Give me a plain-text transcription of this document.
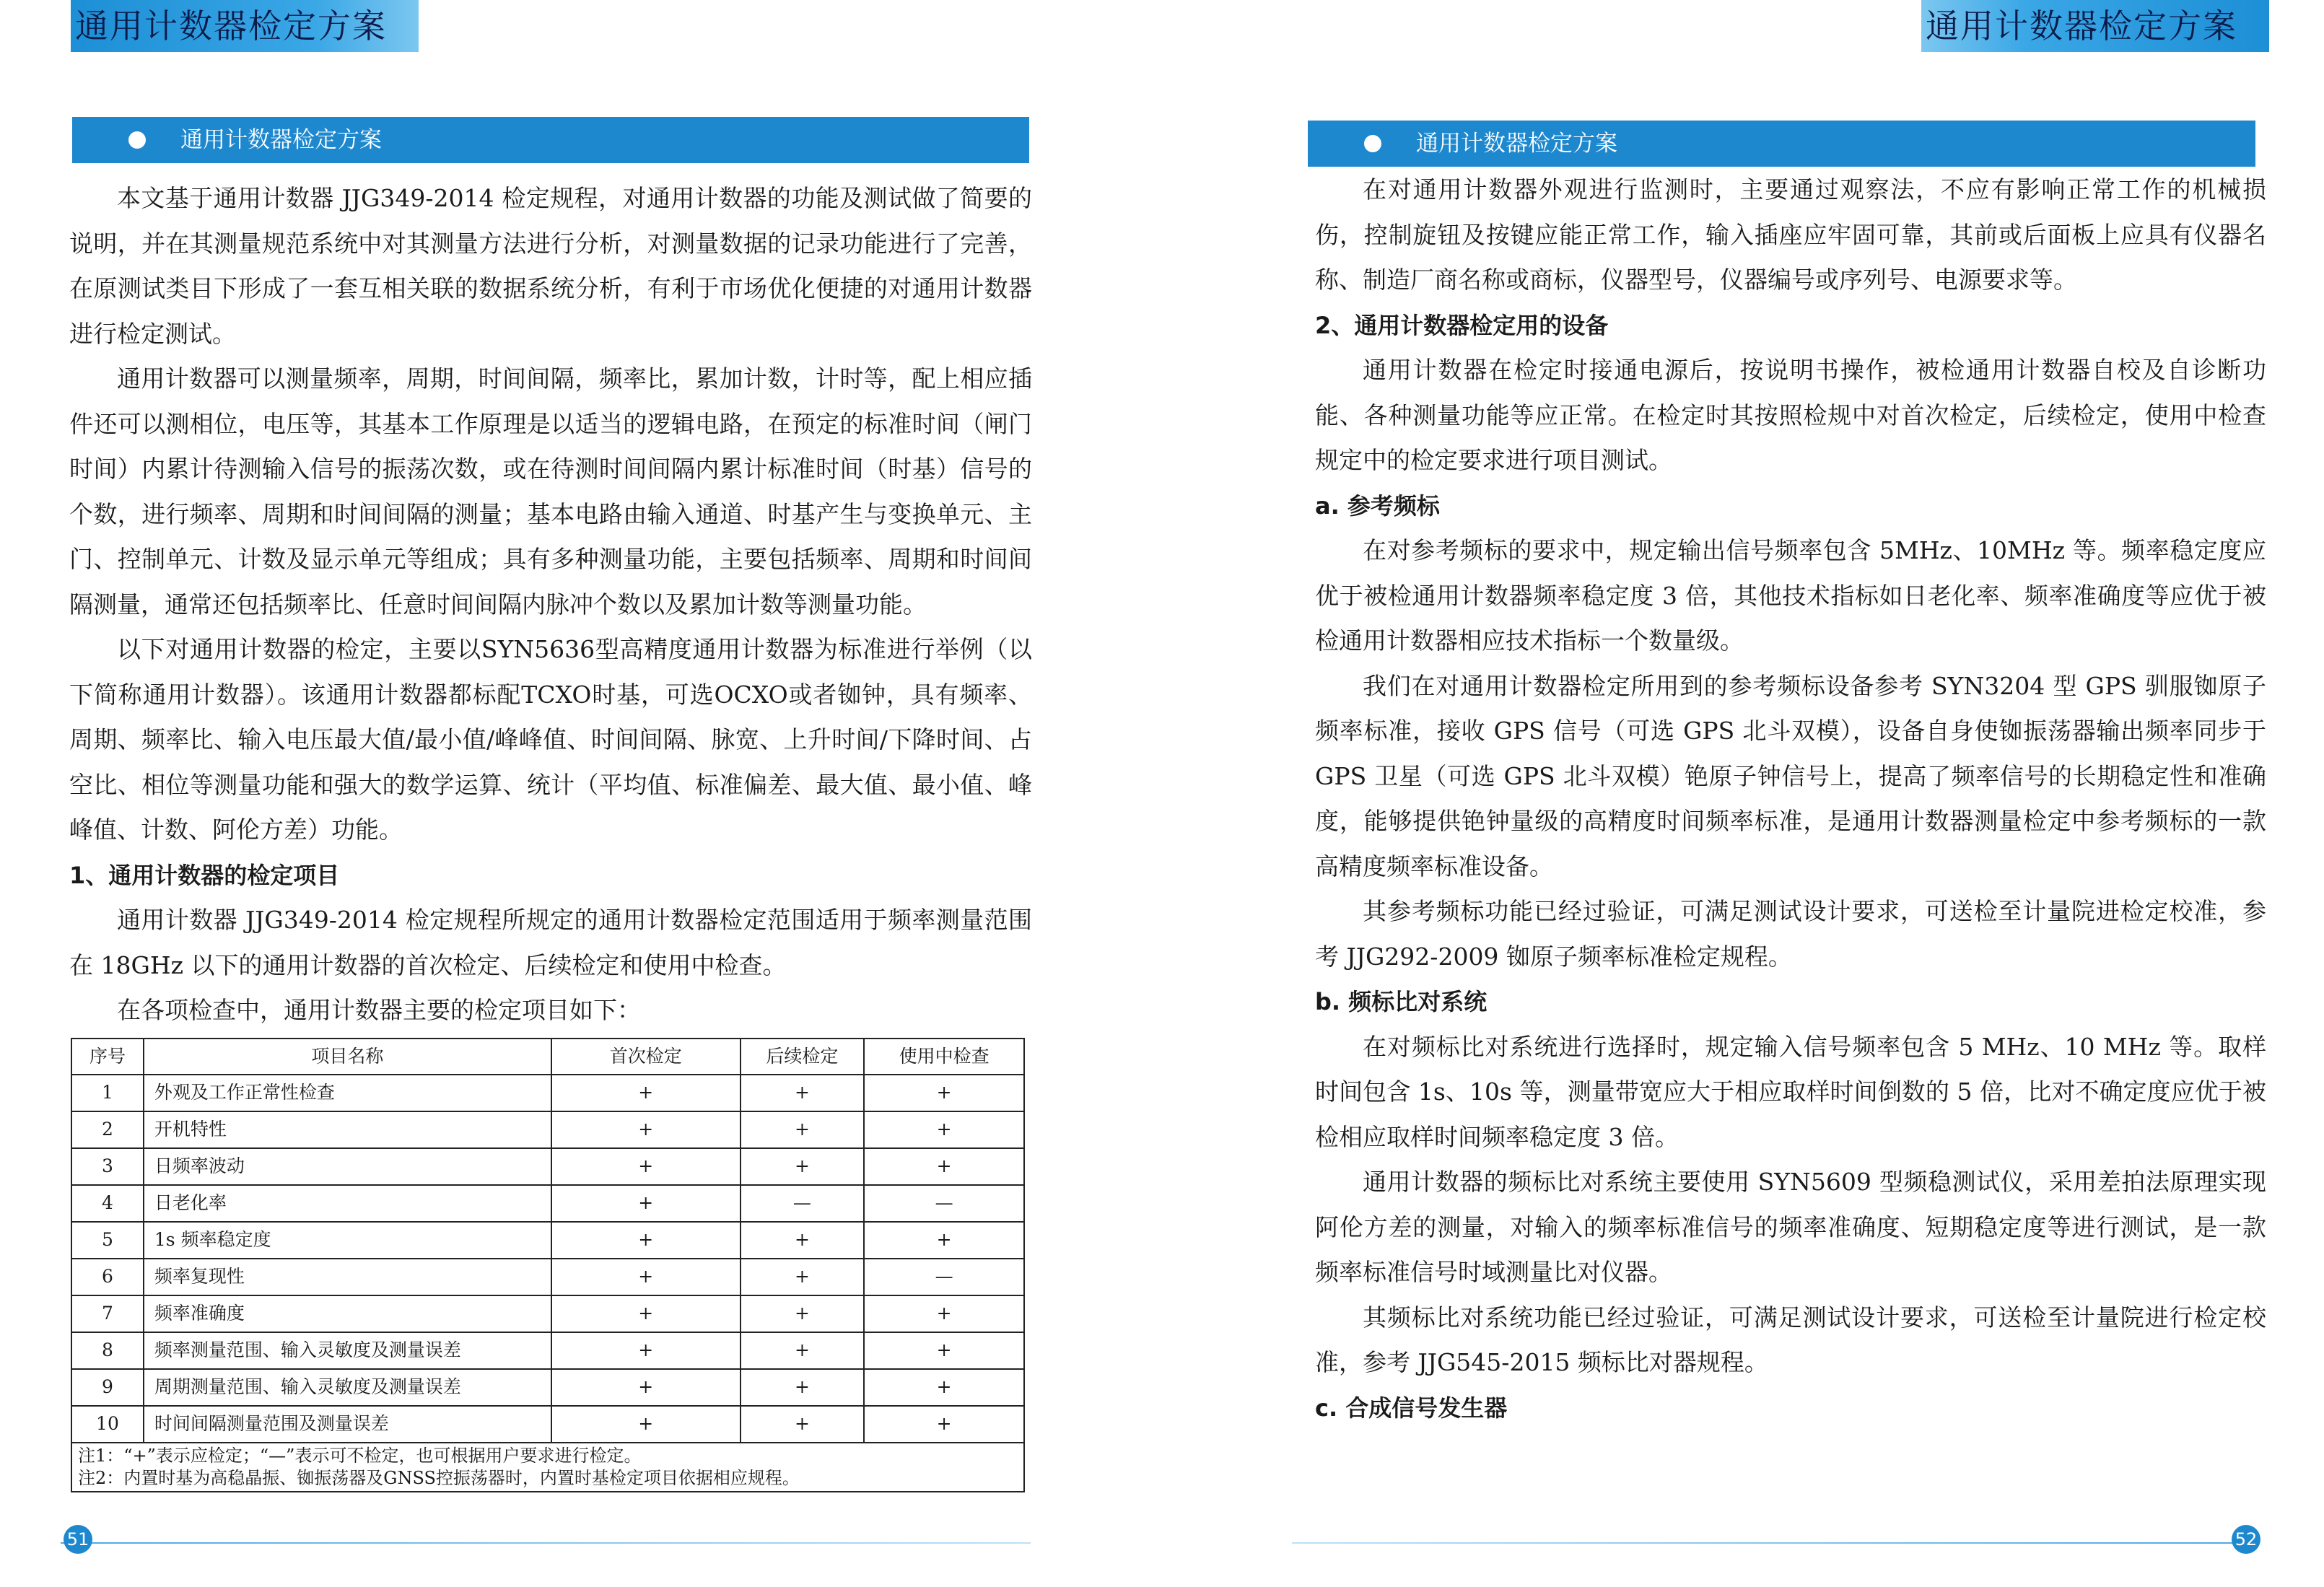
通用计数器检定方案
通用计数器检定方案

本文基于通用计数器 JJG349-2014 检定规程，对通用计数器的功能及测试做了简要的说明，并在其测量规范系统中对其测量方法进行分析，对测量数据的记录功能进行了完善，在原测试类目下形成了一套互相关联的数据系统分析，有利于市场优化便捷的对通用计数器进行检定测试。

通用计数器可以测量频率，周期，时间间隔，频率比，累加计数，计时等，配上相应插件还可以测相位，电压等，其基本工作原理是以适当的逻辑电路，在预定的标准时间（闸门时间）内累计待测输入信号的振荡次数，或在待测时间间隔内累计标准时间（时基）信号的个数，进行频率、周期和时间间隔的测量；基本电路由输入通道、时基产生与变换单元、主门、控制单元、计数及显示单元等组成；具有多种测量功能，主要包括频率、周期和时间间隔测量，通常还包括频率比、任意时间间隔内脉冲个数以及累加计数等测量功能。

以下对通用计数器的检定，主要以SYN5636型高精度通用计数器为标准进行举例（以下简称通用计数器）。该通用计数器都标配TCXO时基，可选OCXO或者铷钟，具有频率、周期、频率比、输入电压最大值/最小值/峰峰值、时间间隔、脉宽、上升时间/下降时间、占空比、相位等测量功能和强大的数学运算、统计（平均值、标准偏差、最大值、最小值、峰峰值、计数、阿伦方差）功能。

1、通用计数器的检定项目

通用计数器 JJG349-2014 检定规程所规定的通用计数器检定范围适用于频率测量范围在 18GHz 以下的通用计数器的首次检定、后续检定和使用中检查。

在各项检查中，通用计数器主要的检定项目如下：

序号	项目名称	首次检定	后续检定	使用中检查
1	外观及工作正常性检查	+	+	+
2	开机特性	+	+	+
3	日频率波动	+	+	+
4	日老化率	+	—	—
5	1s 频率稳定度	+	+	+
6	频率复现性	+	+	—
7	频率准确度	+	+	+
8	频率测量范围、输入灵敏度及测量误差	+	+	+
9	周期测量范围、输入灵敏度及测量误差	+	+	+
10	时间间隔测量范围及测量误差	+	+	+

注1：“+”表示应检定；“—”表示可不检定，也可根据用户要求进行检定。
注2：内置时基为高稳晶振、铷振荡器及GNSS控振荡器时，内置时基检定项目依据相应规程。				
51
通用计数器检定方案
通用计数器检定方案

在对通用计数器外观进行监测时，主要通过观察法，不应有影响正常工作的机械损伤，控制旋钮及按键应能正常工作，输入插座应牢固可靠，其前或后面板上应具有仪器名称、制造厂商名称或商标，仪器型号，仪器编号或序列号、电源要求等。

2、通用计数器检定用的设备

通用计数器在检定时接通电源后，按说明书操作，被检通用计数器自校及自诊断功能、各种测量功能等应正常。在检定时其按照检规中对首次检定，后续检定，使用中检查规定中的检定要求进行项目测试。

a. 参考频标

在对参考频标的要求中，规定输出信号频率包含 5MHz、10MHz 等。频率稳定度应优于被检通用计数器频率稳定度 3 倍，其他技术指标如日老化率、频率准确度等应优于被检通用计数器相应技术指标一个数量级。

我们在对通用计数器检定所用到的参考频标设备参考 SYN3204 型 GPS 驯服铷原子频率标准，接收 GPS 信号（可选 GPS 北斗双模），设备自身使铷振荡器输出频率同步于 GPS 卫星（可选 GPS 北斗双模）铯原子钟信号上，提高了频率信号的长期稳定性和准确度，能够提供铯钟量级的高精度时间频率标准，是通用计数器测量检定中参考频标的一款高精度频率标准设备。

其参考频标功能已经过验证，可满足测试设计要求，可送检至计量院进检定校准，参考 JJG292-2009 铷原子频率标准检定规程。

b. 频标比对系统

在对频标比对系统进行选择时，规定输入信号频率包含 5 MHz、10 MHz 等。取样时间包含 1s、10s 等，测量带宽应大于相应取样时间倒数的 5 倍，比对不确定度应优于被检相应取样时间频率稳定度 3 倍。

通用计数器的频标比对系统主要使用 SYN5609 型频稳测试仪，采用差拍法原理实现阿伦方差的测量，对输入的频率标准信号的频率准确度、短期稳定度等进行测试，是一款频率标准信号时域测量比对仪器。

其频标比对系统功能已经过验证，可满足测试设计要求，可送检至计量院进行检定校准，参考 JJG545-2015 频标比对器规程。

c. 合成信号发生器

52
